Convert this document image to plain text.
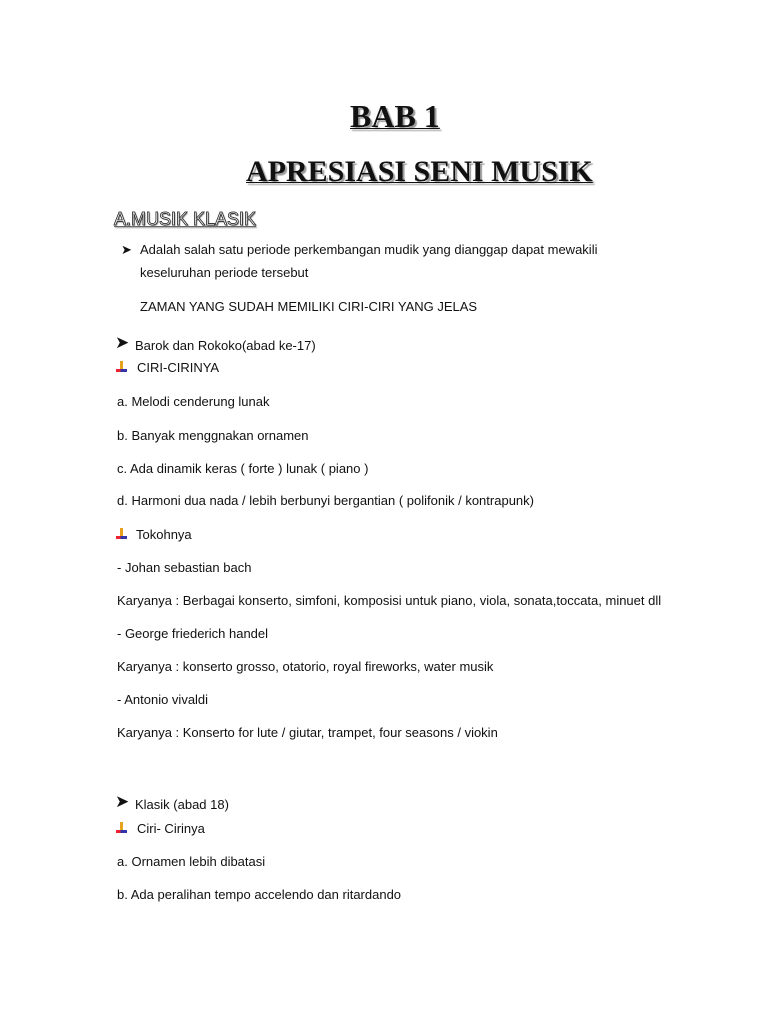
BAB 1
APRESIASI SENI MUSIK
A.MUSIK KLASIK
➤ Adalah salah satu periode perkembangan mudik yang dianggap dapat mewakili
keseluruhan periode tersebut
ZAMAN YANG SUDAH MEMILIKI CIRI-CIRI YANG JELAS
➤ Barok dan Rokoko(abad ke-17)
CIRI-CIRINYA
a. Melodi cenderung lunak
b. Banyak menggnakan ornamen
c. Ada dinamik keras ( forte ) lunak ( piano )
d. Harmoni dua nada / lebih berbunyi bergantian ( polifonik / kontrapunk)
Tokohnya
- Johan sebastian bach
Karyanya : Berbagai konserto, simfoni, komposisi untuk piano, viola, sonata,toccata, minuet dll
- George friederich handel
Karyanya : konserto grosso, otatorio, royal fireworks, water musik
- Antonio vivaldi
Karyanya : Konserto for lute / giutar, trampet, four seasons / viokin
➤ Klasik (abad 18)
Ciri- Cirinya
a. Ornamen lebih dibatasi
b. Ada peralihan tempo accelendo dan ritardando
